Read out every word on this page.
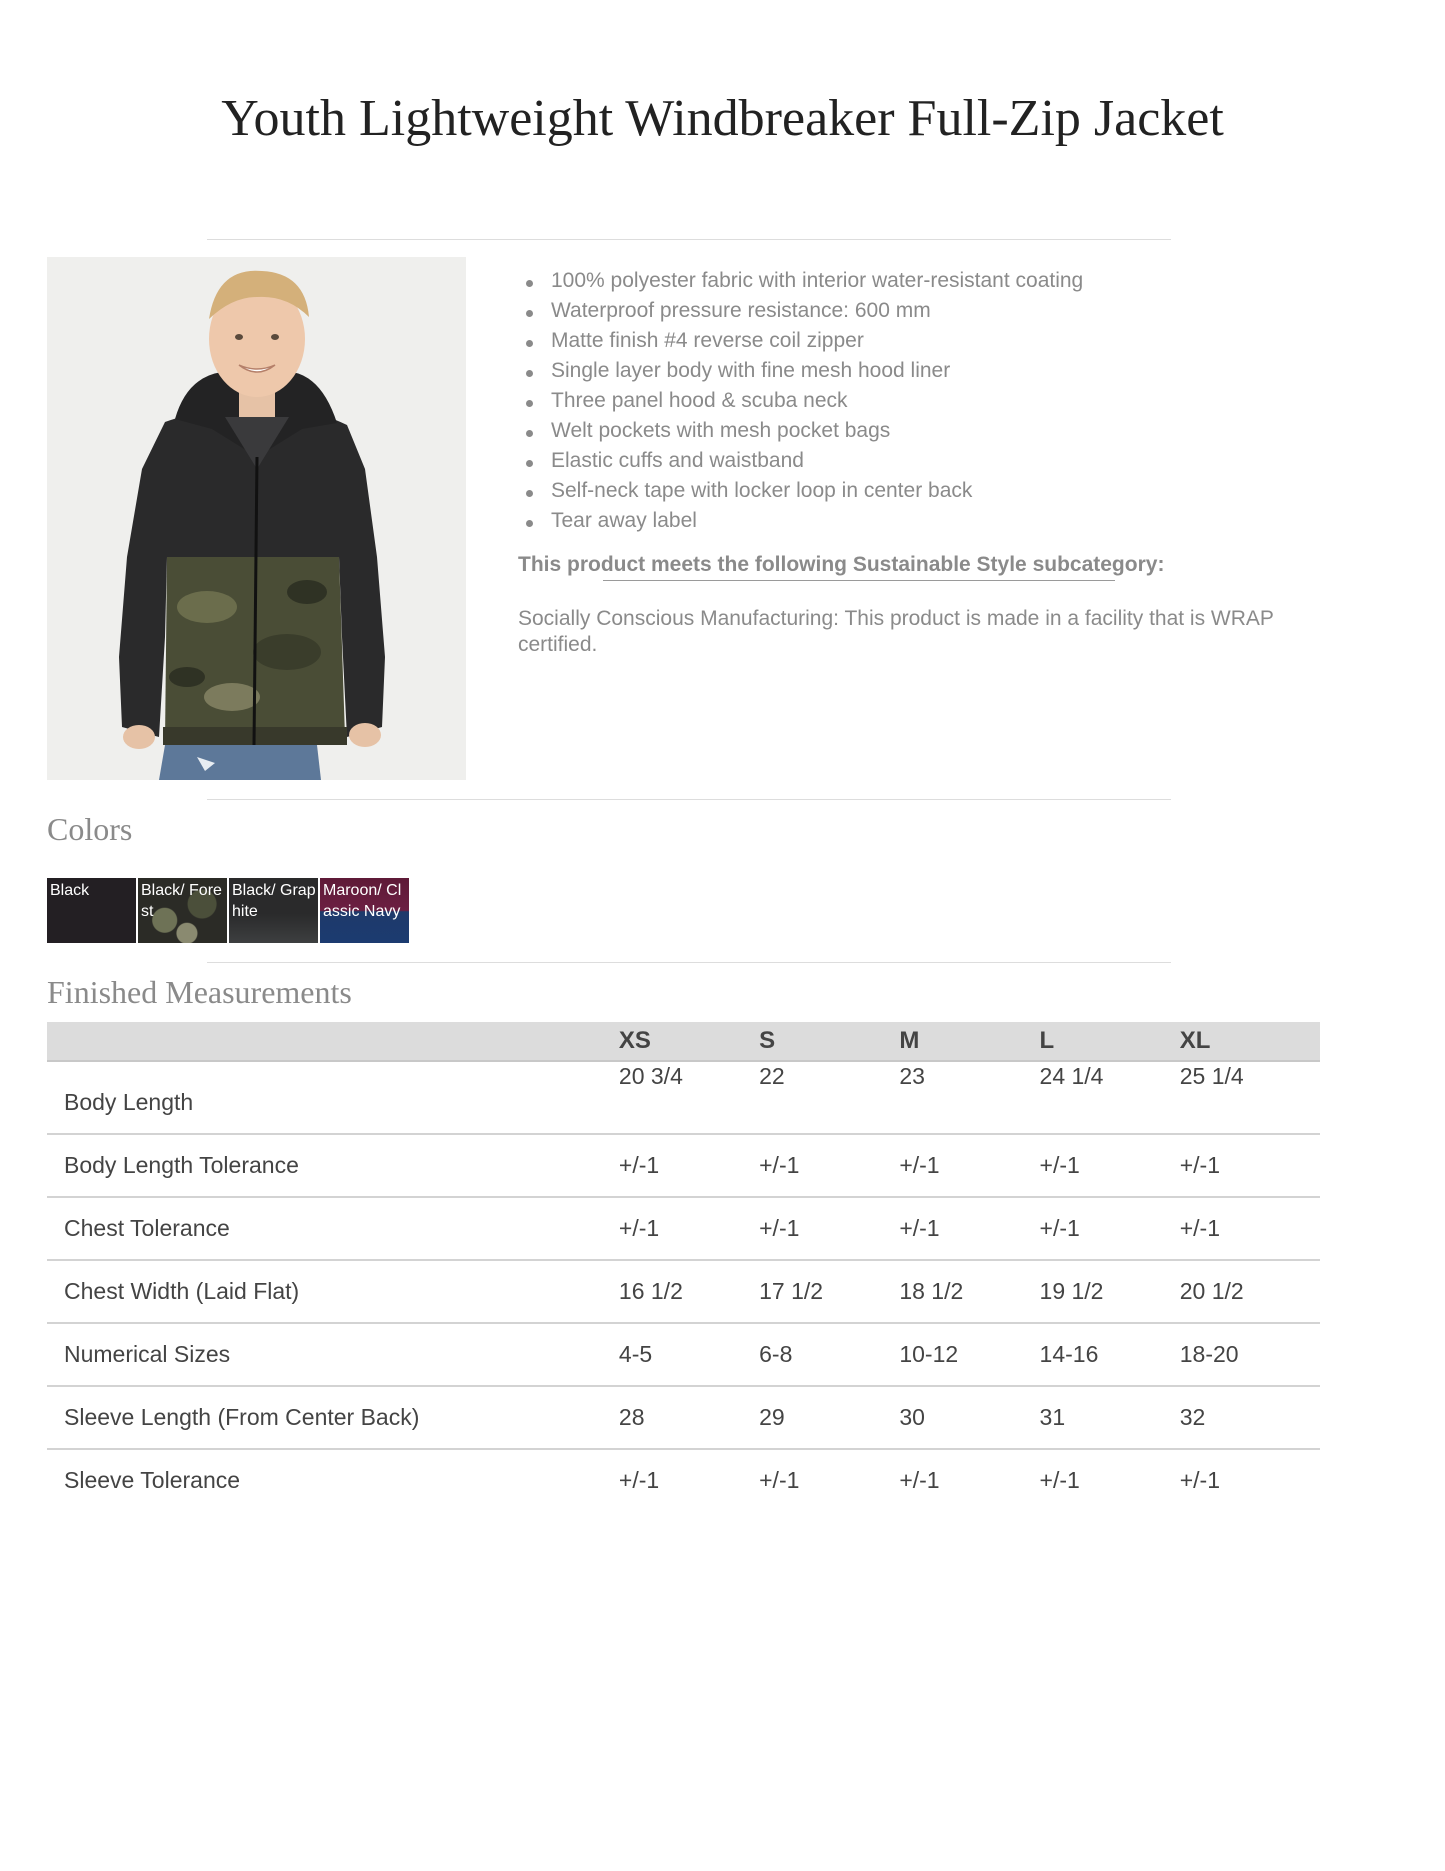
Youth Lightweight Windbreaker Full-Zip Jacket
100% polyester fabric with interior water-resistant coating
Waterproof pressure resistance: 600 mm
Matte finish #4 reverse coil zipper
Single layer body with fine mesh hood liner
Three panel hood & scuba neck
Welt pockets with mesh pocket bags
Elastic cuffs and waistband
Self-neck tape with locker loop in center back
Tear away label
This product meets the following Sustainable Style subcategory:
Socially Conscious Manufacturing: This product is made in a facility that is WRAP certified.
Colors
Black	Black/ Forest
Black/ Graphite
Maroon/ Classic Navy
Finished Measurements
	XS	S	M	L	XL
Body Length	20 3/4	22	23	24 1/4	25 1/4
Body Length Tolerance	+/-1	+/-1	+/-1	+/-1	+/-1
Chest Tolerance	+/-1	+/-1	+/-1	+/-1	+/-1
Chest Width (Laid Flat)	16 1/2	17 1/2	18 1/2	19 1/2	20 1/2
Numerical Sizes	4-5	6-8	10-12	14-16	18-20
Sleeve Length (From Center Back)	28	29	30	31	32
Sleeve Tolerance	+/-1	+/-1	+/-1	+/-1	+/-1
